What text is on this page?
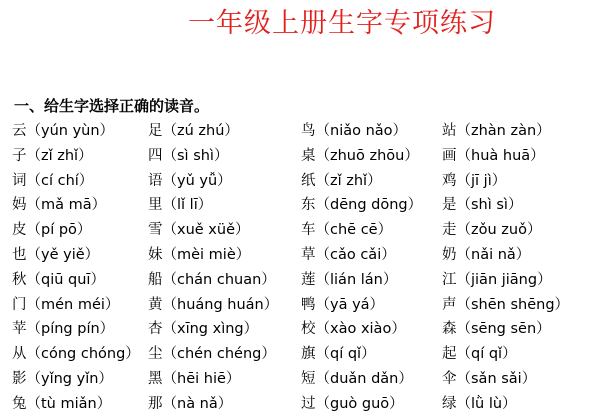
一年级上册生字专项练习
一、给生字选择正确的读音。
云（yún yùn） 足（zú zhú）	鸟（niǎo nǎo） 站（zhàn zàn）
子（zǐ zhǐ）	四（sì shì）	桌（zhuō zhōu） 画（huà huā）
词（cí chí）	语（yǔ yǚ）	纸（zǐ zhǐ）	鸡（jī jì）
妈（mǎ mā）	里（lǐ lī）	东（dēng dōng） 是（shì sì）
皮（pí pō）	雪（xuě xüě）	车（chē cē）	走（zǒu zuǒ）
也（yě yiě）	妹（mèi miè）	草（cǎo cǎi）	奶（nǎi nǎ）
秋（qiū quī）	船（chán chuan） 莲（lián lán）	江（jiān jiāng）
门（mén méi） 黄（huáng huán） 鸭（yā yá）	声（shēn shēng）
苹（píng pín） 杏（xīng xìng）	校（xào xiào） 森（sēng sēn）
从（cóng chóng） 尘（chén chéng） 旗（qí qǐ）	起（qí qǐ）
影（yǐng yǐn） 黑（hēi hiē）	短（duǎn dǎn） 伞（sǎn sǎi）
兔（tù miǎn）	那（nà nǎ）	过（guò guō）	绿（lǜ lù）
